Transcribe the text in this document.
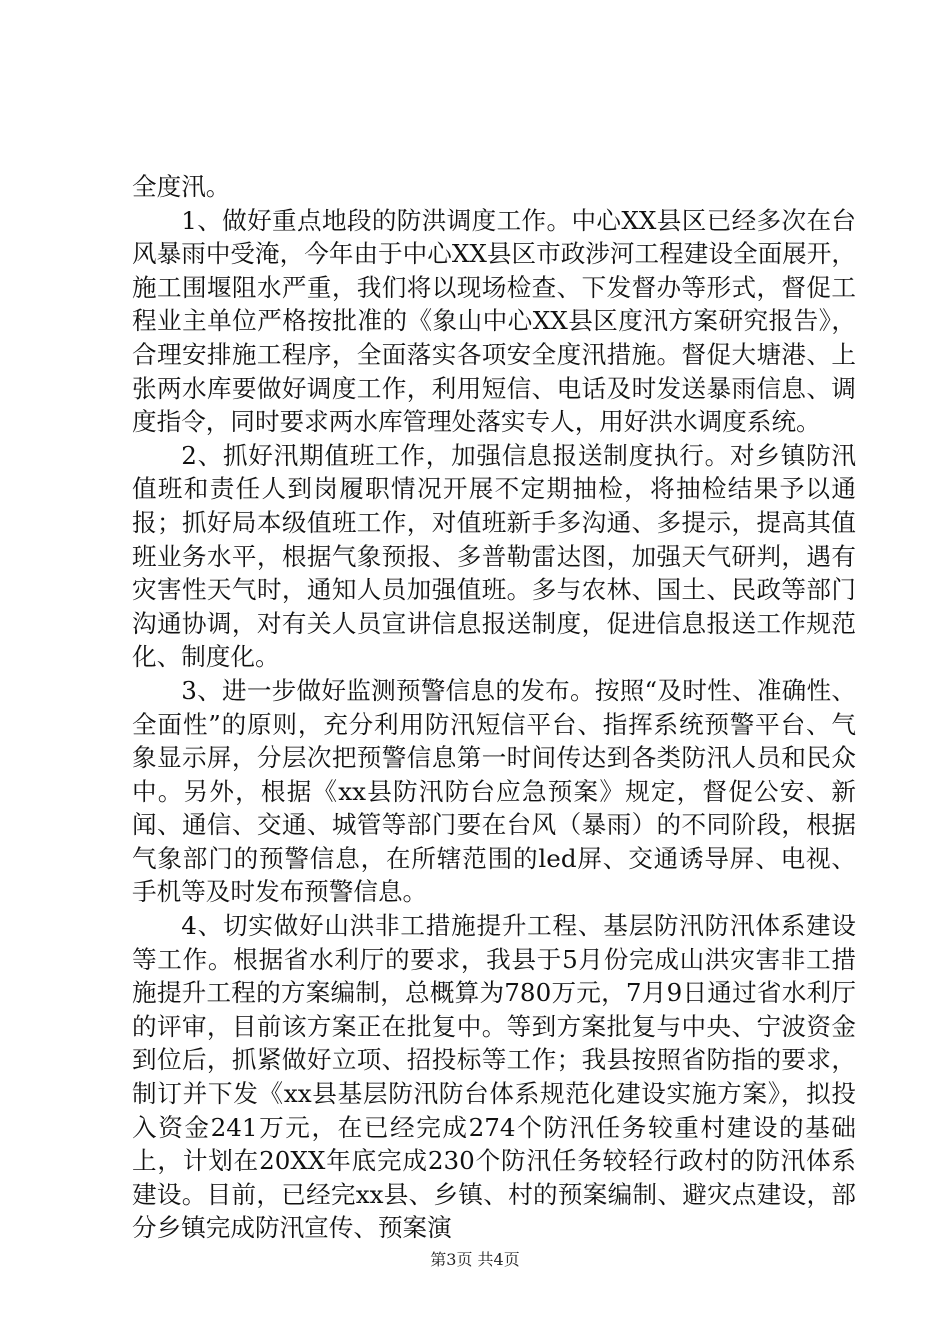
全度汛。

1、做好重点地段的防洪调度工作。中心XX县区已经多次在台风暴雨中受淹，今年由于中心XX县区市政涉河工程建设全面展开，施工围堰阻水严重，我们将以现场检查、下发督办等形式，督促工程业主单位严格按批准的《象山中心XX县区度汛方案研究报告》，合理安排施工程序，全面落实各项安全度汛措施。督促大塘港、上张两水库要做好调度工作，利用短信、电话及时发送暴雨信息、调度指令，同时要求两水库管理处落实专人，用好洪水调度系统。

2、抓好汛期值班工作，加强信息报送制度执行。对乡镇防汛值班和责任人到岗履职情况开展不定期抽检，将抽检结果予以通报；抓好局本级值班工作，对值班新手多沟通、多提示，提高其值班业务水平，根据气象预报、多普勒雷达图，加强天气研判，遇有灾害性天气时，通知人员加强值班。多与农林、国土、民政等部门沟通协调，对有关人员宣讲信息报送制度，促进信息报送工作规范化、制度化。

3、进一步做好监测预警信息的发布。按照“及时性、准确性、全面性”的原则，充分利用防汛短信平台、指挥系统预警平台、气象显示屏，分层次把预警信息第一时间传达到各类防汛人员和民众中。另外，根据《xx县防汛防台应急预案》规定，督促公安、新闻、通信、交通、城管等部门要在台风（暴雨）的不同阶段，根据气象部门的预警信息，在所辖范围的led屏、交通诱导屏、电视、手机等及时发布预警信息。

4、切实做好山洪非工措施提升工程、基层防汛防汛体系建设等工作。根据省水利厅的要求，我县于5月份完成山洪灾害非工措施提升工程的方案编制，总概算为780万元，7月9日通过省水利厅的评审，目前该方案正在批复中。等到方案批复与中央、宁波资金到位后，抓紧做好立项、招投标等工作；我县按照省防指的要求，制订并下发《xx县基层防汛防台体系规范化建设实施方案》，拟投入资金241万元，在已经完成274个防汛任务较重村建设的基础上，计划在20XX年底完成230个防汛任务较轻行政村的防汛体系建设。目前，已经完xx县、乡镇、村的预案编制、避灾点建设，部分乡镇完成防汛宣传、预案演

第3页 共4页
